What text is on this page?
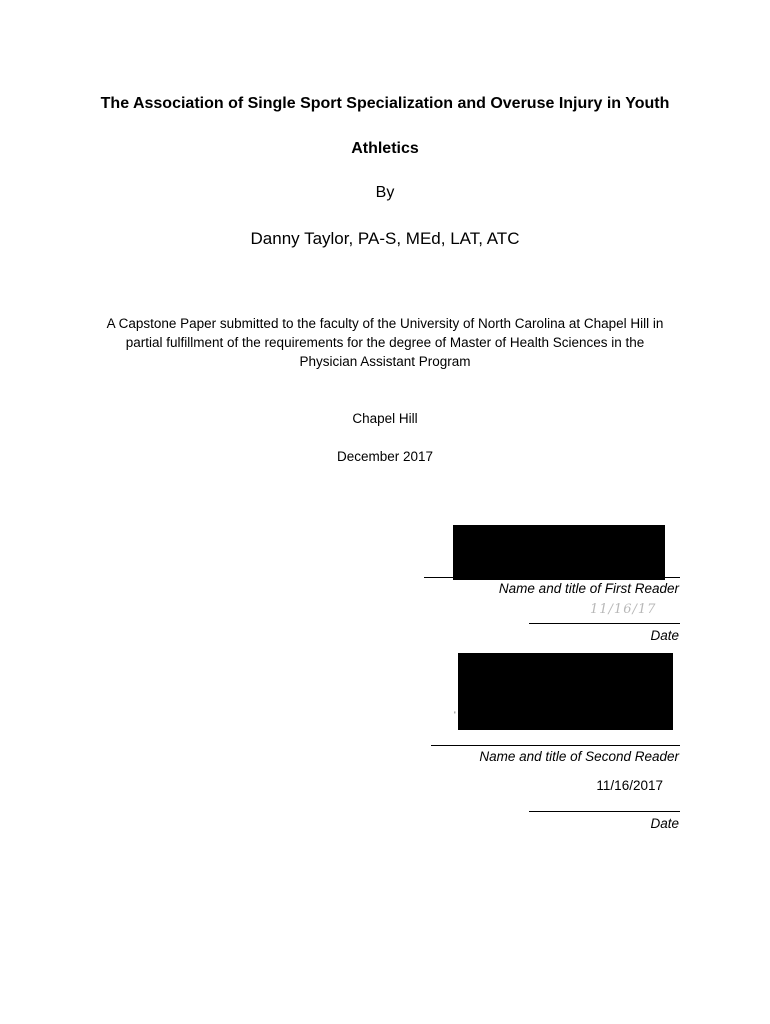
The Association of Single Sport Specialization and Overuse Injury in Youth
Athletics
By
Danny Taylor, PA-S, MEd, LAT, ATC
A Capstone Paper submitted to the faculty of the University of North Carolina at Chapel Hill in
partial fulfillment of the requirements for the degree of Master of Health Sciences in the
Physician Assistant Program
Chapel Hill
December 2017
Name and title of First Reader
11/16/17
Date
'
Name and title of Second Reader
11/16/2017
Date
